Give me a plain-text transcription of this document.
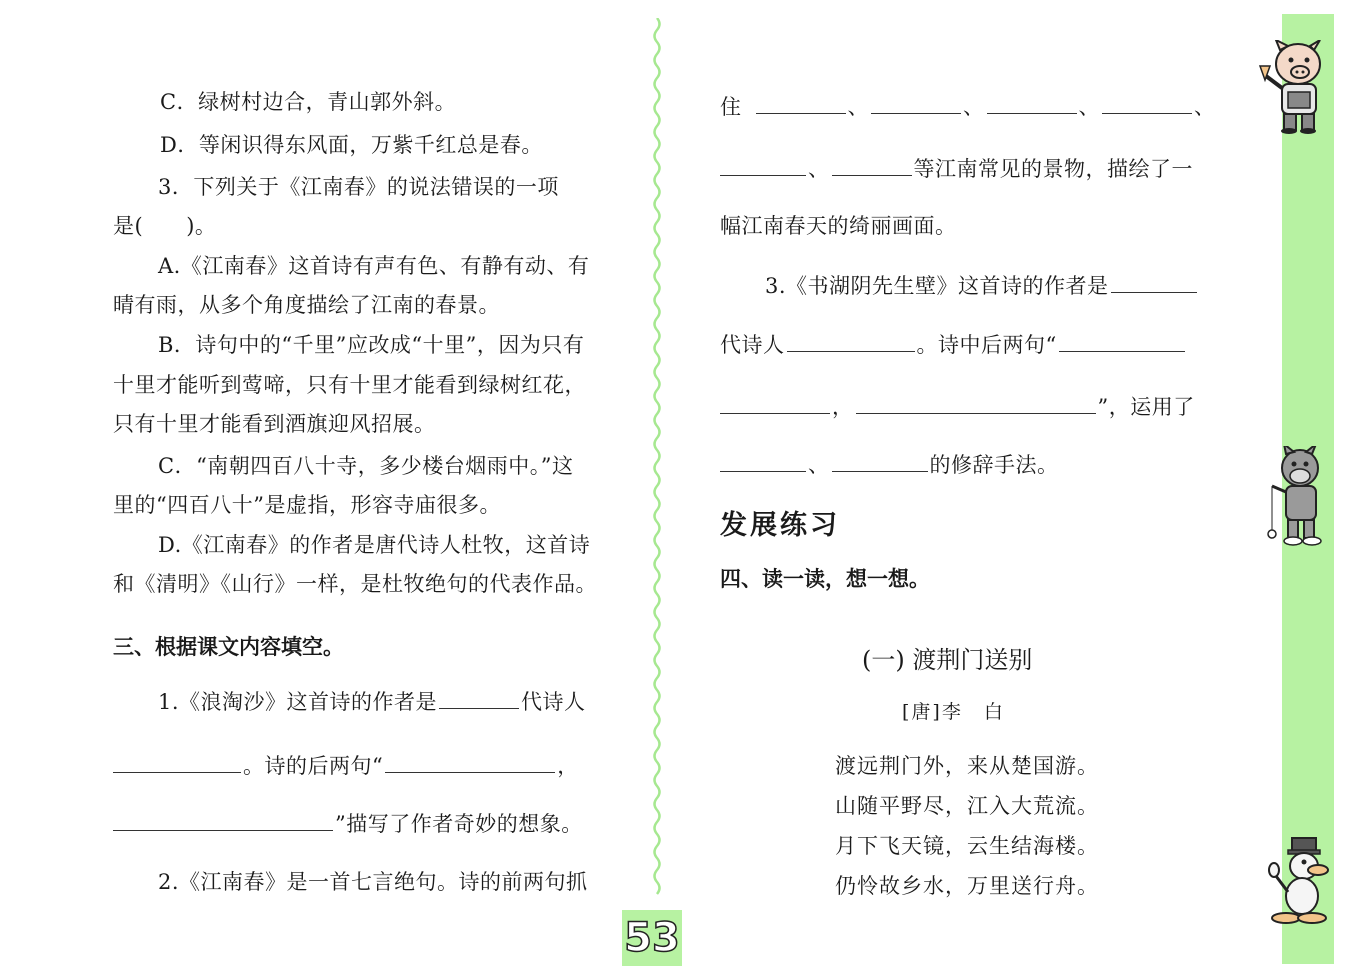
C．绿树村边合，青山郭外斜。
D．等闲识得东风面，万紫千红总是春。
3．下列关于《江南春》的说法错误的一项
是(　　)。
A.《江南春》这首诗有声有色、有静有动、有
晴有雨，从多个角度描绘了江南的春景。
B．诗句中的“千里”应改成“十里”，因为只有
十里才能听到莺啼，只有十里才能看到绿树红花，
只有十里才能看到酒旗迎风招展。
C．“南朝四百八十寺，多少楼台烟雨中。”这
里的“四百八十”是虚指，形容寺庙很多。
D.《江南春》的作者是唐代诗人杜牧，这首诗
和《清明》《山行》一样，是杜牧绝句的代表作品。
三、根据课文内容填空。
1.《浪淘沙》这首诗的作者是	代诗人
。诗的后两句“	，
”描写了作者奇妙的想象。
2.《江南春》是一首七言绝句。诗的前两句抓
住	、	、	、	、
、	等江南常见的景物，描绘了一
幅江南春天的绮丽画面。
3.《书湖阴先生壁》这首诗的作者是
代诗人	。诗中后两句“
，	”，运用了
、	的修辞手法。
发展练习
四、读一读，想一想。
(一) 渡荆门送别
[唐]李　白
渡远荆门外，来从楚国游。
山随平野尽，江入大荒流。
月下飞天镜，云生结海楼。
仍怜故乡水，万里送行舟。
53
